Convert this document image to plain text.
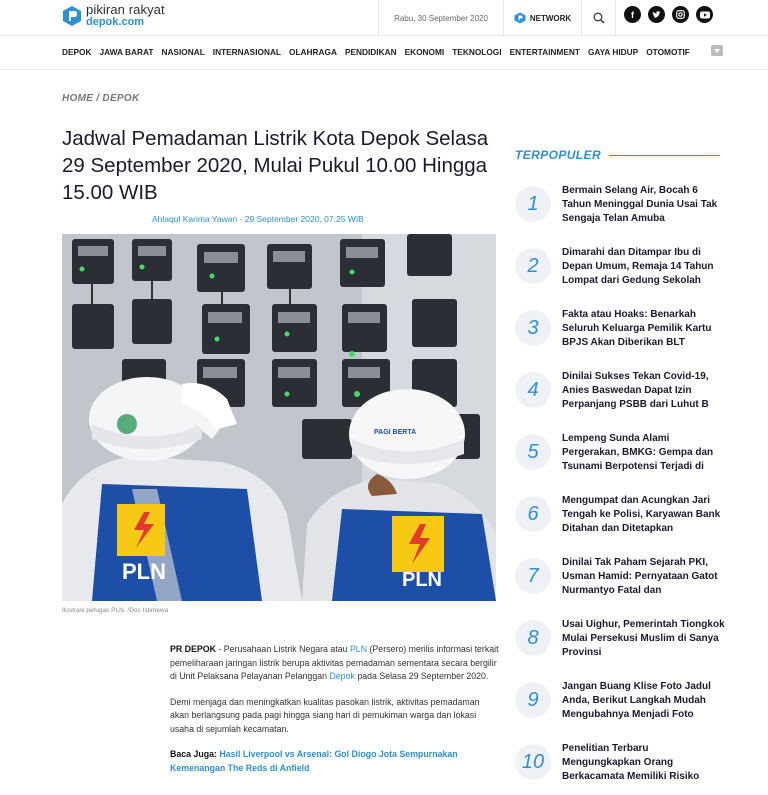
pikiran rakyat
depok.com	Rabu, 30 September 2020	NETWORK	f
DEPOK JAWA BARAT NASIONAL INTERNASIONAL OLAHRAGA PENDIDIKAN EKONOMI TEKNOLOGI ENTERTAINMENT GAYA HIDUP OTOMOTIF
HOME / DEPOK
Jadwal Pemadaman Listrik Kota Depok Selasa 29 September 2020, Mulai Pukul 10.00 Hingga 15.00 WIB
Ahlaqul Karima Yawan - 29 September 2020, 07:25 WIB
PLN	PLN
PAGI BERTA
Ilustrasi petugas PLN. /Doc Istimewa

PR DEPOK - Perusahaan Listrik Negara atau PLN (Persero) merilis informasi terkait pemeliharaan jaringan listrik berupa aktivitas pemadaman sementara secara bergilir di Unit Pelaksana Pelayanan Pelanggan Depok pada Selasa 29 September 2020.

Demi menjaga dan meningkatkan kualitas pasokan listrik, aktivitas pemadaman akan berlangsung pada pagi hingga siang hari di pemukiman warga dan lokasi usaha di sejumlah kecamatan.

Baca Juga: Hasil Liverpool vs Arsenal: Gol Diogo Jota Sempurnakan Kemenangan The Reds di Anfield

TERPOPULER
1
Bermain Selang Air, Bocah 6 Tahun Meninggal Dunia Usai Tak Sengaja Telan Amuba
2
Dimarahi dan Ditampar Ibu di Depan Umum, Remaja 14 Tahun Lompat dari Gedung Sekolah
3
Fakta atau Hoaks: Benarkah Seluruh Keluarga Pemilik Kartu BPJS Akan Diberikan BLT
4
Dinilai Sukses Tekan Covid-19, Anies Baswedan Dapat Izin Perpanjang PSBB dari Luhut B
5
Lempeng Sunda Alami Pergerakan, BMKG: Gempa dan Tsunami Berpotensi Terjadi di
6
Mengumpat dan Acungkan Jari Tengah ke Polisi, Karyawan Bank Ditahan dan Ditetapkan
7
Dinilai Tak Paham Sejarah PKI, Usman Hamid: Pernyataan Gatot Nurmantyo Fatal dan
8
Usai Uighur, Pemerintah Tiongkok Mulai Persekusi Muslim di Sanya Provinsi
9
Jangan Buang Klise Foto Jadul Anda, Berikut Langkah Mudah Mengubahnya Menjadi Foto
10
Penelitian Terbaru Mengungkapkan Orang Berkacamata Memiliki Risiko
